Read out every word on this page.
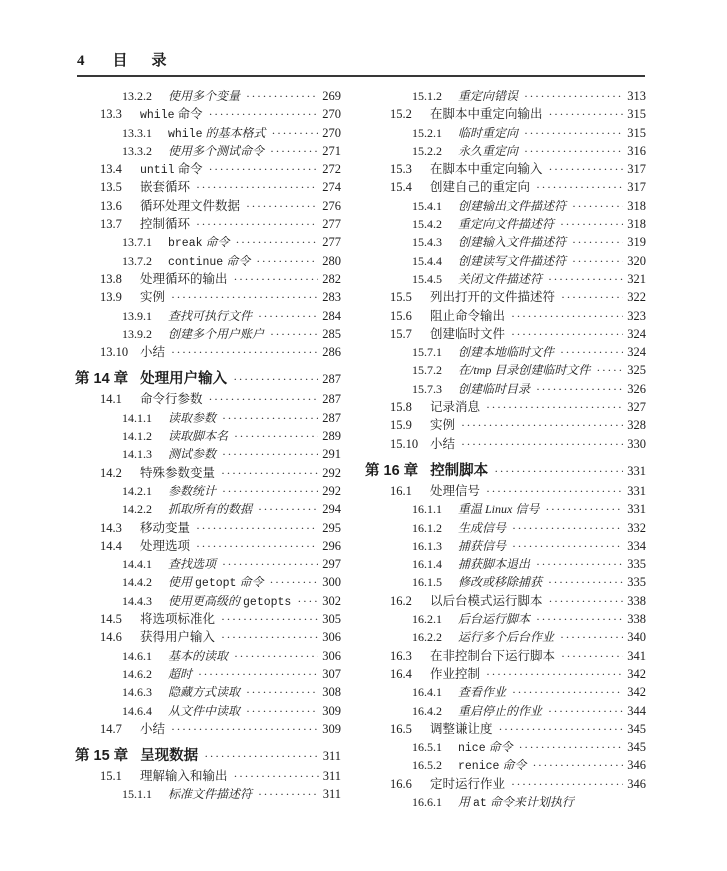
4 目　录
13.2.2	使用多个变量 ·····	269
13.3	while 命令 ·····	270
13.3.1	while 的基本格式 ·····	270
13.3.2	使用多个测试命令 ·····	271
13.4	until 命令 ·····	272
13.5	嵌套循环 ·····	274
13.6	循环处理文件数据 ·····	276
13.7	控制循环 ·····	277
13.7.1	break 命令 ·····	277
13.7.2	continue 命令 ·····	280
13.8	处理循环的输出 ·····	282
13.9	实例 ·····	283
13.9.1	查找可执行文件 ·····	284
13.9.2	创建多个用户账户 ·····	285
13.10 小结 ·····	286
第 14 章 处理用户输入 ·····	287
14.1	命令行参数 ·····	287
14.1.1	读取参数 ·····	287
14.1.2	读取脚本名 ·····	289
14.1.3	测试参数 ·····	291
14.2	特殊参数变量 ·····	292
14.2.1	参数统计 ·····	292
14.2.2	抓取所有的数据 ·····	294
14.3	移动变量 ·····	295
14.4	处理选项 ·····	296
14.4.1	查找选项 ·····	297
14.4.2	使用 getopt 命令 ·····	300
14.4.3	使用更高级的 getopts ····· 302
14.5	将选项标准化 ·····	305
14.6	获得用户输入 ·····	306
14.6.1	基本的读取 ·····	306
14.6.2	超时 ·····	307
14.6.3	隐藏方式读取 ·····	308
14.6.4	从文件中读取 ·····	309
14.7	小结 ·····	309
第 15 章 呈现数据 ·····	311
15.1	理解输入和输出 ·····	311
15.1.1	标准文件描述符 ·····	311
15.1.2	重定向错误 ·····	313
15.2	在脚本中重定向输出 ·····	315
15.2.1	临时重定向 ·····	315
15.2.2	永久重定向 ·····	316
15.3	在脚本中重定向输入 ·····	317
15.4	创建自己的重定向 ·····	317
15.4.1	创建输出文件描述符 ·····	318
15.4.2	重定向文件描述符 ·····	318
15.4.3	创建输入文件描述符 ·····	319
15.4.4	创建读写文件描述符 ·····	320
15.4.5	关闭文件描述符 ·····	321
15.5	列出打开的文件描述符 ·····	322
15.6	阻止命令输出 ·····	323
15.7	创建临时文件 ·····	324
15.7.1	创建本地临时文件 ·····	324
15.7.2	在/tmp 目录创建临时文件 ·····	325
15.7.3	创建临时目录 ·····	326
15.8	记录消息 ·····	327
15.9	实例 ·····	328
15.10 小结 ·····	330
第 16 章 控制脚本 ·····	331
16.1	处理信号 ·····	331
16.1.1	重温 Linux 信号 ·····	331
16.1.2	生成信号 ·····	332
16.1.3	捕获信号 ·····	334
16.1.4	捕获脚本退出 ·····	335
16.1.5	修改或移除捕获 ·····	335
16.2	以后台模式运行脚本 ·····	338
16.2.1	后台运行脚本 ·····	338
16.2.2	运行多个后台作业 ·····	340
16.3	在非控制台下运行脚本 ·····	341
16.4	作业控制 ·····	342
16.4.1	查看作业 ·····	342
16.4.2	重启停止的作业 ·····	344
16.5	调整谦让度 ·····	345
16.5.1	nice 命令 ·····	345
16.5.2	renice 命令 ·····	346
16.6	定时运行作业 ·····	346
16.6.1	用 at 命令来计划执行
